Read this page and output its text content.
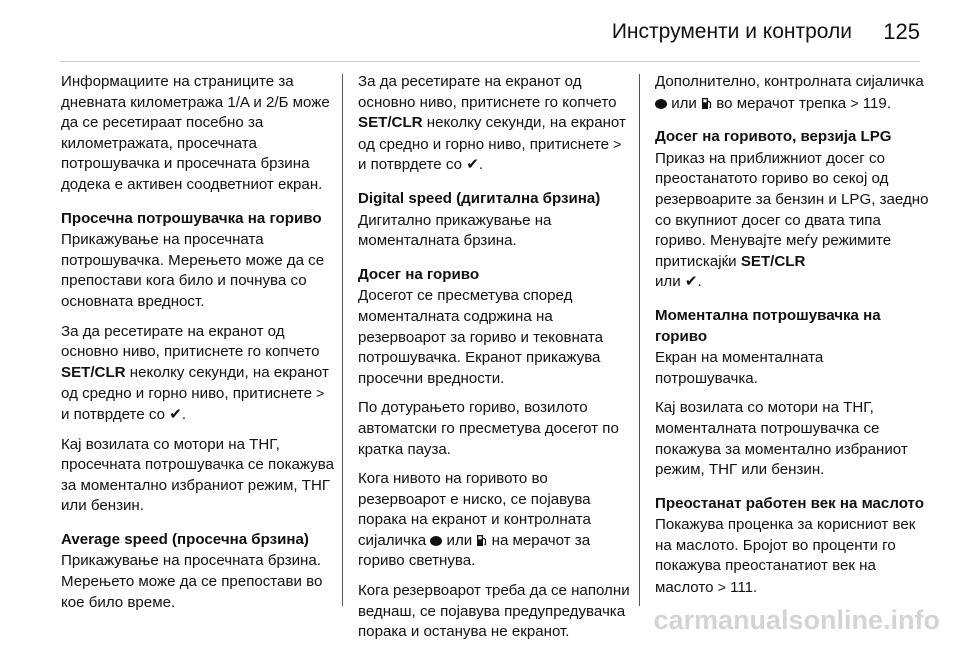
Инструменти и контроли 125

Информациите на страниците за дневната километража 1/A и 2/Б може да се ресетираат посебно за километражата, просечната потрошувачка и просечната брзина додека е активен соодветниот екран.

Просечна потрошувачка на гориво

Прикажување на просечната потрошувачка. Мерењето може да се препостави кога било и почнува со основната вредност.

За да ресетирате на екранот од основно ниво, притиснете го копчето SET/CLR неколку секунди, на екранот од средно и горно ниво, притиснете > и потврдете со ✔.

Кај возилата со мотори на ТНГ, просечната потрошувачка се покажува за моментално избраниот режим, ТНГ или бензин.

Average speed (просечна брзина)

Прикажување на просечната брзина. Мерењето може да се препостави во кое било време.

За да ресетирате на екранот од основно ниво, притиснете го копчето SET/CLR неколку секунди, на екранот од средно и горно ниво, притиснете > и потврдете со ✔.

Digital speed (дигитална брзина)

Дигитално прикажување на моменталната брзина.

Досег на гориво

Досегот се пресметува според моменталната содржина на резервоарот за гориво и тековната потрошувачка. Екранот прикажува просечни вредности.

По дотурањето гориво, возилото автоматски го пресметува досегот по кратка пауза.

Кога нивото на горивото во резервоарот е ниско, се појавува порака на екранот и контролната сијаличка  или  на мерачот за гориво светнува.

Кога резервоарот треба да се наполни веднаш, се појавува предупредувачка порака и останува не екранот.

Дополнително, контролната сијаличка  или  во мерачот трепка > 119.

Досег на горивото, верзија LPG

Приказ на приближниот досег со преостанатото гориво во секој од резервоарите за бензин и LPG, заедно со вкупниот досег со двата типа гориво. Менувајте меѓу режимите притискајќи SET/CLR
или ✔.

Моментална потрошувачка на гориво

Екран на моменталната потрошувачка.

Кај возилата со мотори на ТНГ, моменталната потрошувачка се покажува за моментално избраниот режим, ТНГ или бензин.

Преостанат работен век на маслото

Покажува проценка за корисниот век на маслото. Бројот во проценти го покажува преостанатиот век на маслото > 111.

carmanualsonline.info
